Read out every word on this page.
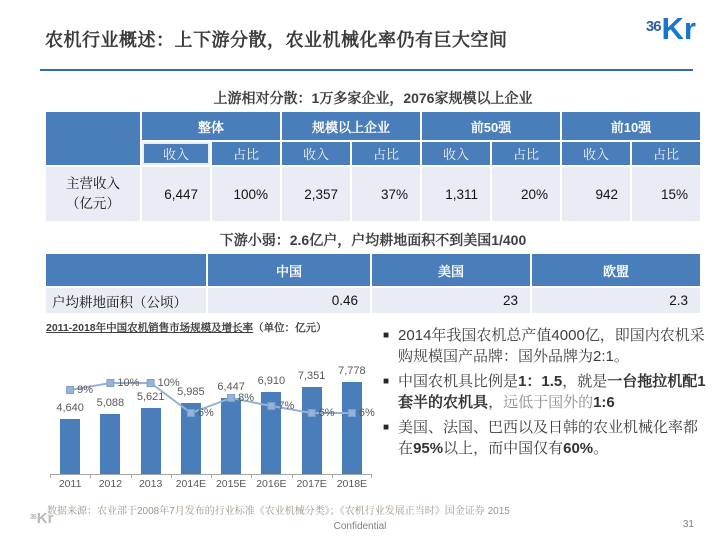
农机行业概述：上下游分散，农业机械化率仍有巨大空间
36 Kr
上游相对分散：1万多家企业，2076家规模以上企业
	整体		规模以上企业		前50强		前10强	
	收入	占比	收入	占比	收入	占比	收入	占比
主营收入
（亿元）	6,447	100%	2,357	37%	1,311	20%	942	15%
下游小弱：2.6亿户，户均耕地面积不到美国1/400
	中国	美国	欧盟
户均耕地面积（公顷）	0.46	23	2.3
2011-2018年中国农机销售市场规模及增长率（单位：亿元）
4,640	5,088	5,621	5,985	6,447	6,910	7,351	7,778
9%
10% 10%
6%
8%
7%
6% 6%
2011	2012	2013	2014E 2015E 2016E 2017E 2018E
■ 2014年我国农机总产值4000亿，即国内农机采购规模国产品牌：国外品牌为2:1。
■ 中国农机具比例是1：1.5，就是一台拖拉机配1套半的农机具，远低于国外的1:6
■ 美国、法国、巴西以及日韩的农业机械化率都在95%以上，而中国仅有60%。
数据来源：农业部于2008年7月发布的行业标准《农业机械分类》；《农机行业发展正当时》国金证券 2015
36 Kr	Confidential	31
